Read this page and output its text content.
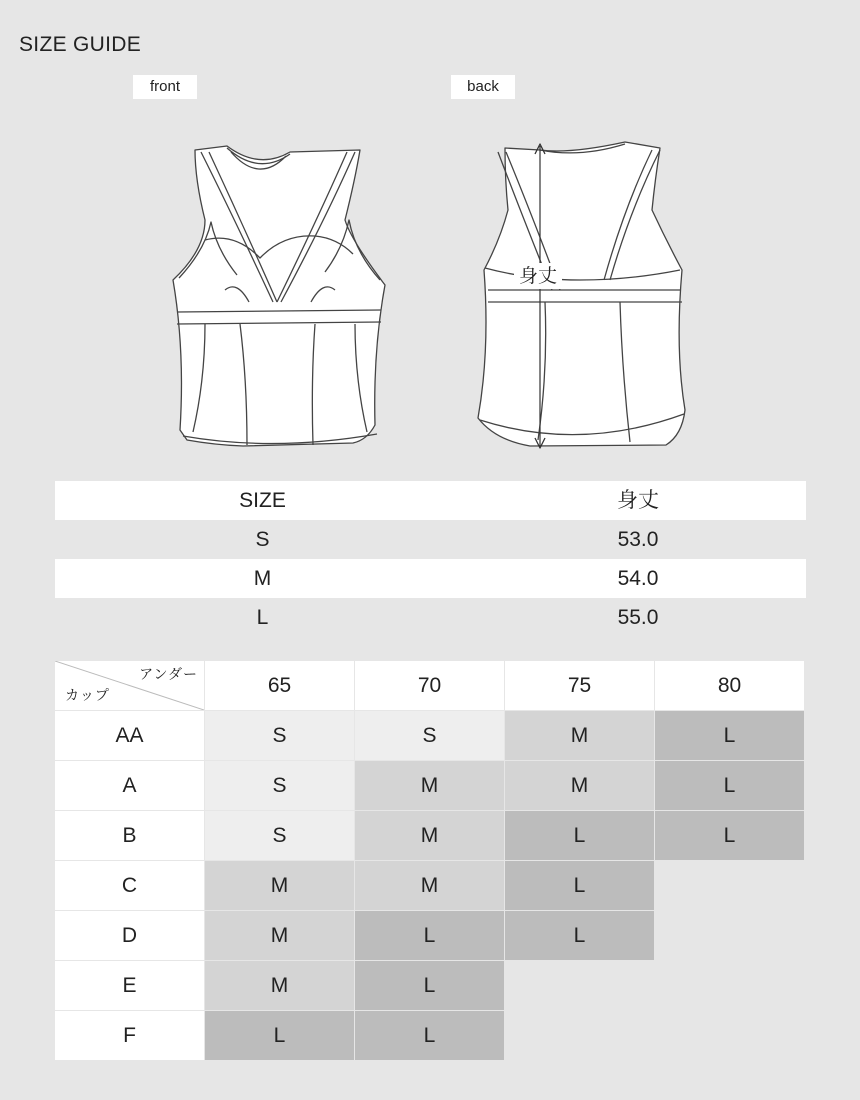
SIZE GUIDE
front	back
身丈
SIZE	身丈
S	53.0
M	54.0
L	55.0
アンダー
カップ	65	70	75	80
AA	S	S	M	L
A	S	M	M	L
B	S	M	L	L
C	M	M	L
D	M	L	L
E	M	L
F	L	L
